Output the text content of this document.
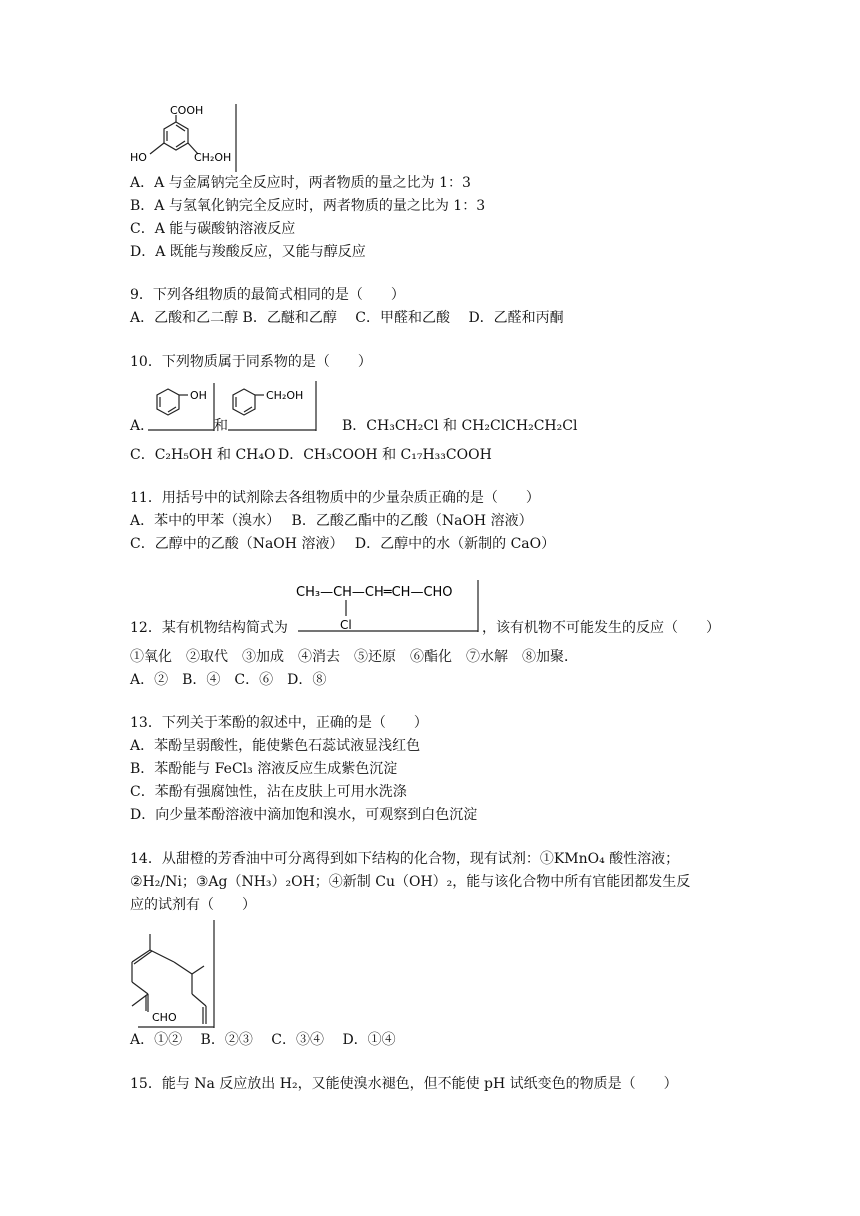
COOH
HO	CH₂OH
A．A 与金属钠完全反应时，两者物质的量之比为 1：3
B．A 与氢氧化钠完全反应时，两者物质的量之比为 1：3
C．A 能与碳酸钠溶液反应
D．A 既能与羧酸反应，又能与醇反应
9．下列各组物质的最简式相同的是（　　）
A．乙酸和乙二醇 B．乙醚和乙醇　 C．甲醛和乙酸　 D．乙醛和丙酮
10．下列物质属于同系物的是（　　）
A．
OH
和
CH₂OH
B．CH₃CH₂Cl 和 CH₂ClCH₂CH₂Cl
C．C₂H₅OH 和 CH₄O D．CH₃COOH 和 C₁₇H₃₃COOH
11．用括号中的试剂除去各组物质中的少量杂质正确的是（　　）
A．苯中的甲苯（溴水）　 B．乙酸乙酯中的乙酸（NaOH 溶液）
C．乙醇中的乙酸（NaOH 溶液）　 D．乙醇中的水（新制的 CaO）
CH₃—CH—CH═CH—CHO
Cl
12．某有机物结构简式为	，该有机物不可能发生的反应（　　）
①氧化　②取代　③加成　④消去　⑤还原　⑥酯化　⑦水解　⑧加聚．
A．②　B．④　C．⑥　D．⑧
13．下列关于苯酚的叙述中，正确的是（　　）
A．苯酚呈弱酸性，能使紫色石蕊试液显浅红色
B．苯酚能与 FeCl₃ 溶液反应生成紫色沉淀
C．苯酚有强腐蚀性，沾在皮肤上可用水洗涤
D．向少量苯酚溶液中滴加饱和溴水，可观察到白色沉淀
14．从甜橙的芳香油中可分离得到如下结构的化合物，现有试剂：①KMnO₄ 酸性溶液；
②H₂/Ni；③Ag（NH₃）₂OH；④新制 Cu（OH）₂，能与该化合物中所有官能团都发生反
应的试剂有（　　）
CHO
A．①②　 B．②③　 C．③④　 D．①④
15．能与 Na 反应放出 H₂，又能使溴水褪色，但不能使 pH 试纸变色的物质是（　　）
